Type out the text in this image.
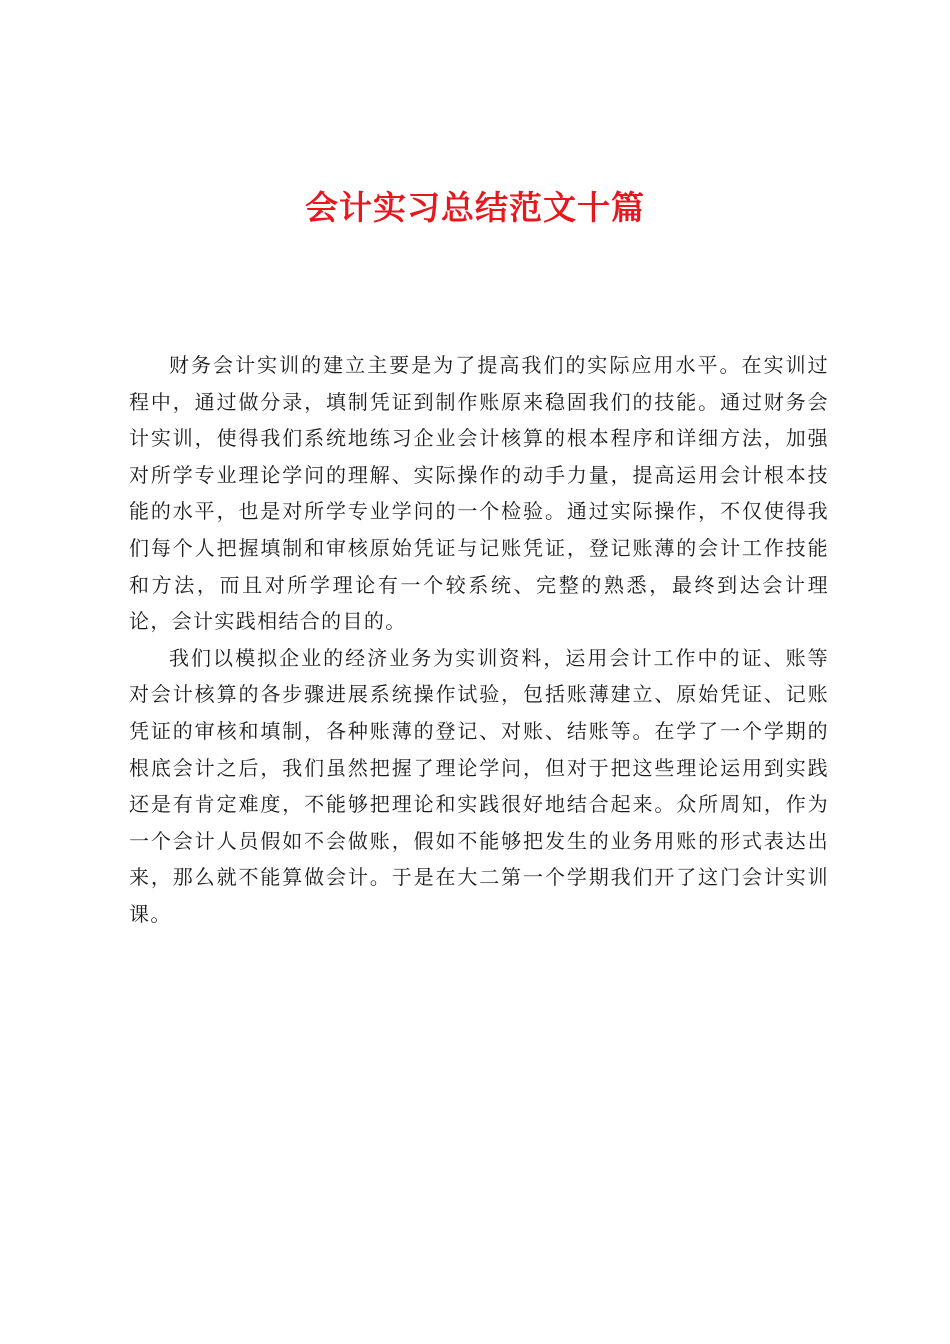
会计实习总结范文十篇

财务会计实训的建立主要是为了提高我们的实际应用水平。在实训过程中，通过做分录，填制凭证到制作账原来稳固我们的技能。通过财务会计实训，使得我们系统地练习企业会计核算的根本程序和详细方法，加强对所学专业理论学问的理解、实际操作的动手力量，提高运用会计根本技能的水平，也是对所学专业学问的一个检验。通过实际操作，不仅使得我们每个人把握填制和审核原始凭证与记账凭证，登记账薄的会计工作技能和方法，而且对所学理论有一个较系统、完整的熟悉，最终到达会计理论，会计实践相结合的目的。

我们以模拟企业的经济业务为实训资料，运用会计工作中的证、账等对会计核算的各步骤进展系统操作试验，包括账薄建立、原始凭证、记账凭证的审核和填制，各种账薄的登记、对账、结账等。在学了一个学期的根底会计之后，我们虽然把握了理论学问，但对于把这些理论运用到实践还是有肯定难度，不能够把理论和实践很好地结合起来。众所周知，作为一个会计人员假如不会做账，假如不能够把发生的业务用账的形式表达出来，那么就不能算做会计。于是在大二第一个学期我们开了这门会计实训课。
